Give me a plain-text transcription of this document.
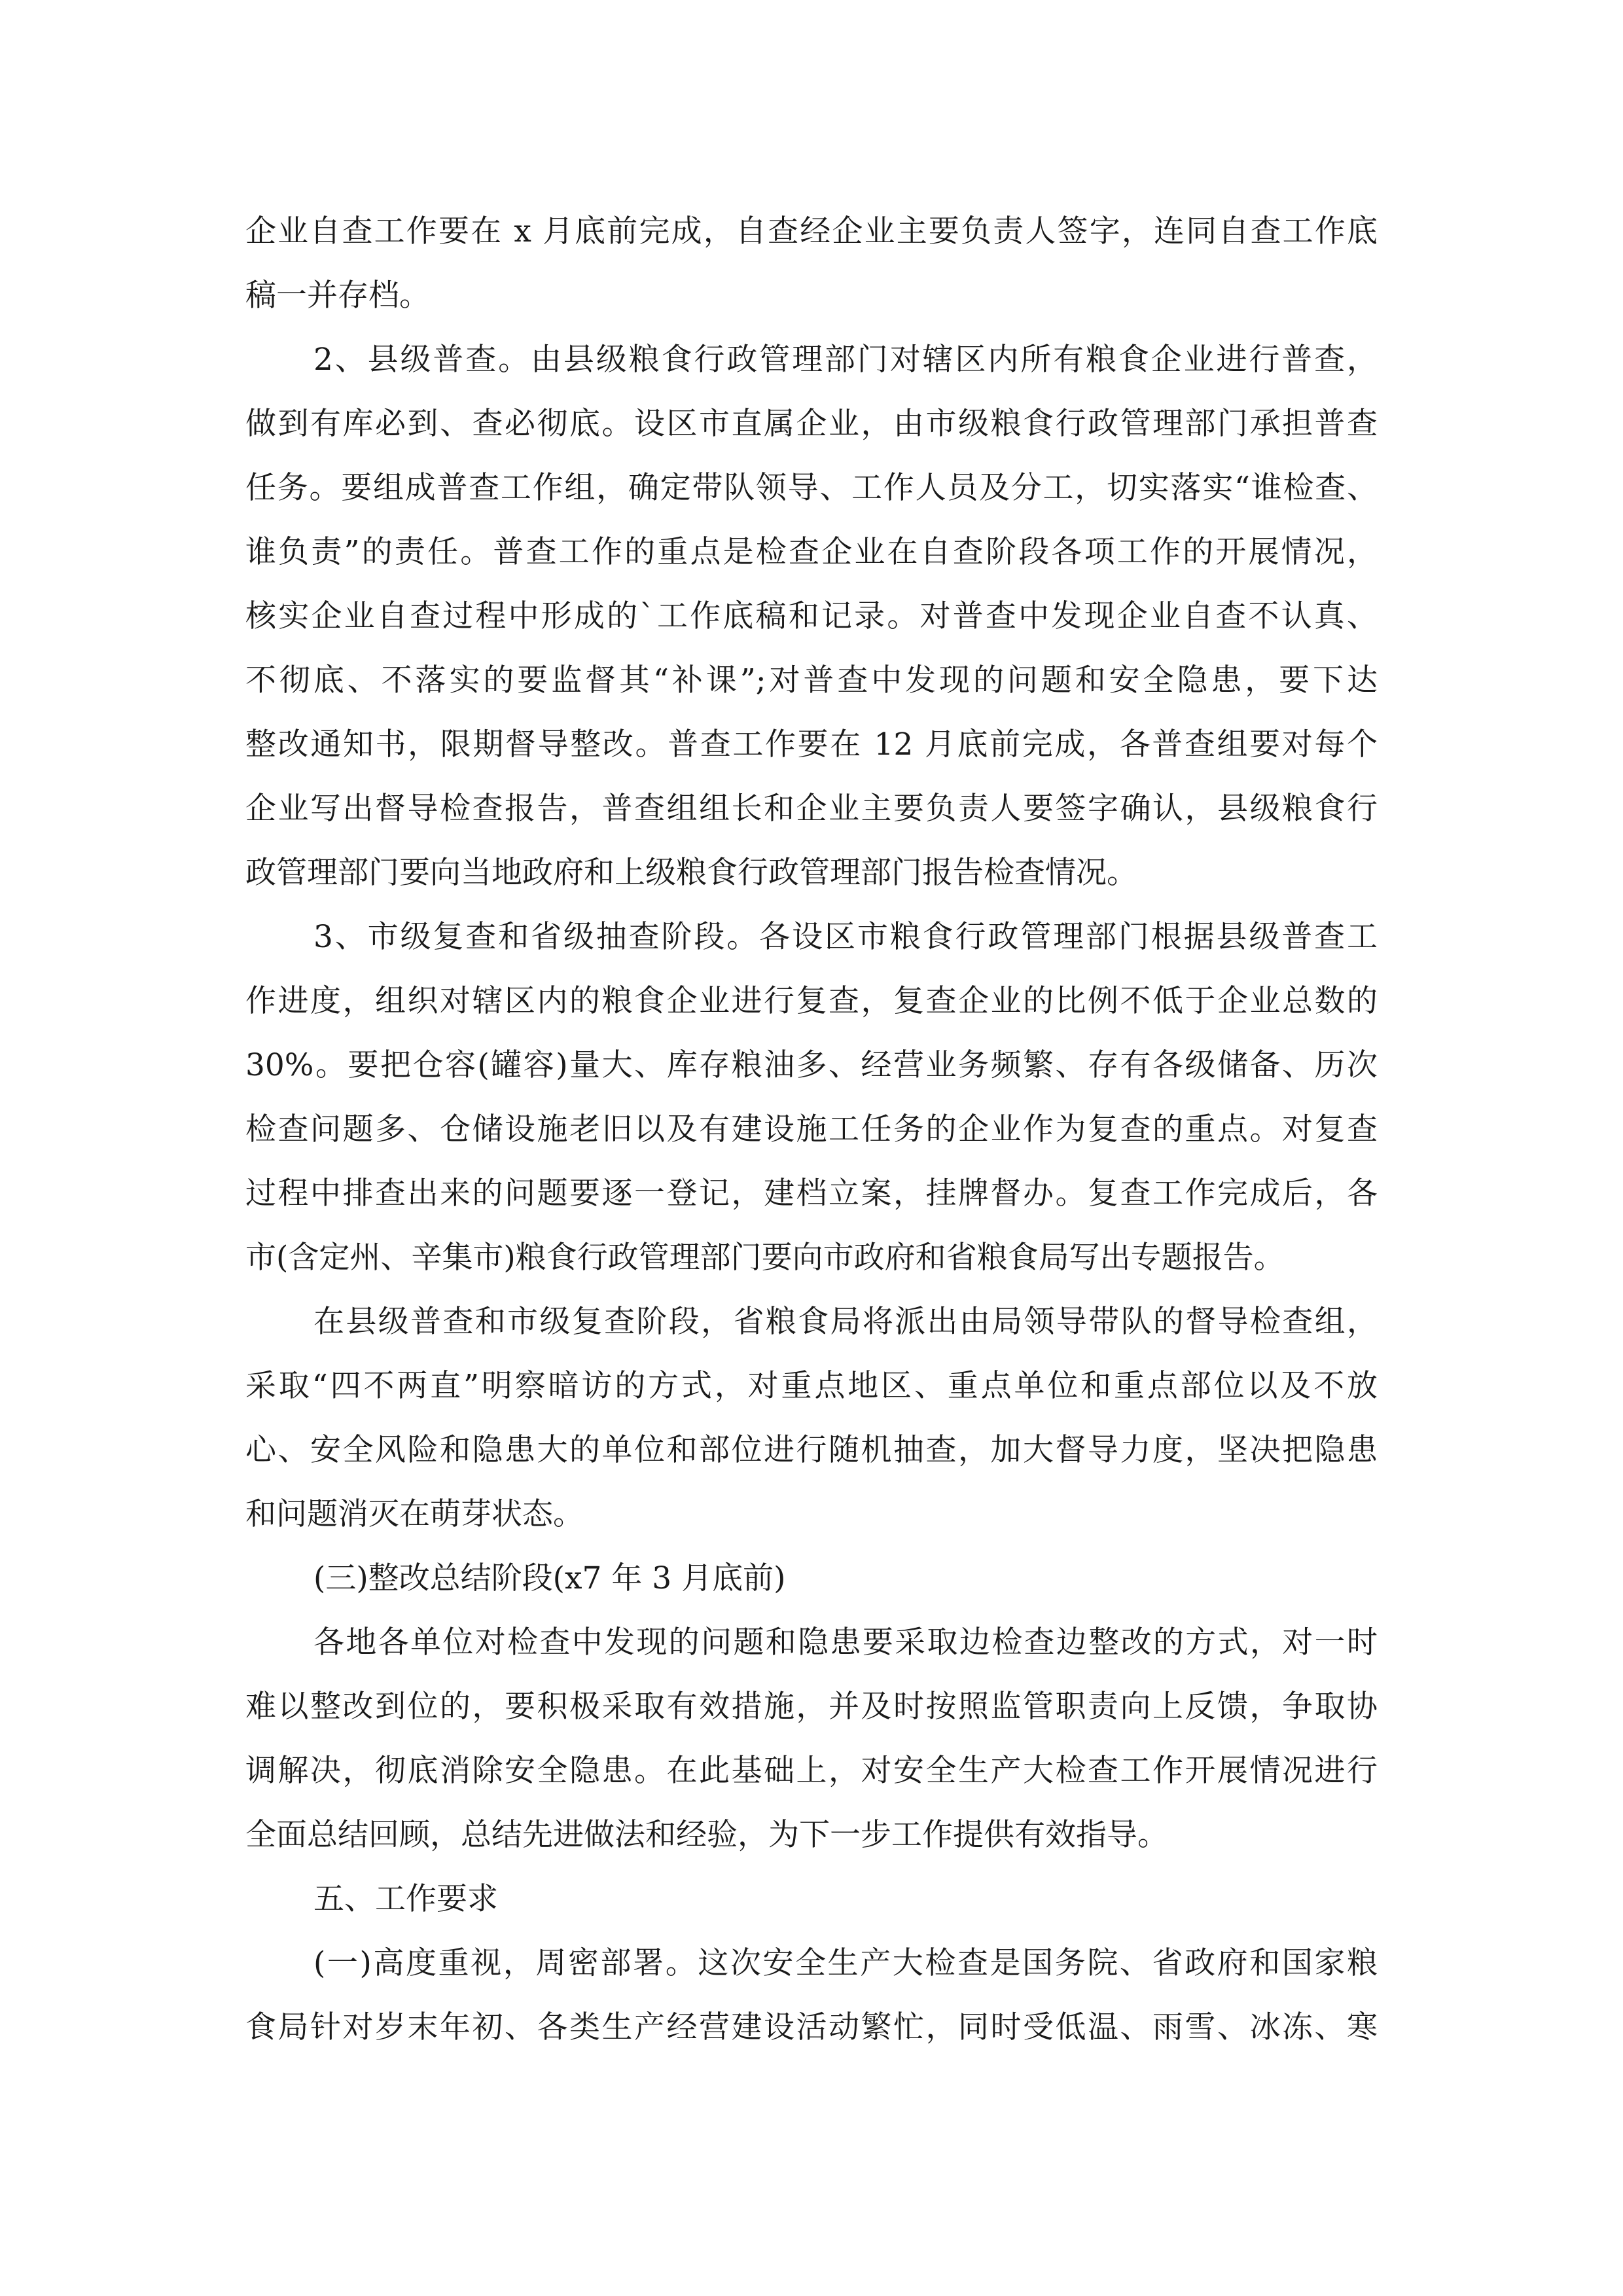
企业自查工作要在 x 月底前完成，自查经企业主要负责人签字，连同自查工作底
稿一并存档。
2、县级普查。由县级粮食行政管理部门对辖区内所有粮食企业进行普查，
做到有库必到、查必彻底。设区市直属企业，由市级粮食行政管理部门承担普查
任务。要组成普查工作组，确定带队领导、工作人员及分工，切实落实“谁检查、
谁负责”的责任。普查工作的重点是检查企业在自查阶段各项工作的开展情况，
核实企业自查过程中形成的`工作底稿和记录。对普查中发现企业自查不认真、
不彻底、不落实的要监督其“补课”;对普查中发现的问题和安全隐患，要下达
整改通知书，限期督导整改。普查工作要在 12 月底前完成，各普查组要对每个
企业写出督导检查报告，普查组组长和企业主要负责人要签字确认，县级粮食行
政管理部门要向当地政府和上级粮食行政管理部门报告检查情况。
3、市级复查和省级抽查阶段。各设区市粮食行政管理部门根据县级普查工
作进度，组织对辖区内的粮食企业进行复查，复查企业的比例不低于企业总数的
30%。要把仓容(罐容)量大、库存粮油多、经营业务频繁、存有各级储备、历次
检查问题多、仓储设施老旧以及有建设施工任务的企业作为复查的重点。对复查
过程中排查出来的问题要逐一登记，建档立案，挂牌督办。复查工作完成后，各
市(含定州、辛集市)粮食行政管理部门要向市政府和省粮食局写出专题报告。
在县级普查和市级复查阶段，省粮食局将派出由局领导带队的督导检查组，
采取“四不两直”明察暗访的方式，对重点地区、重点单位和重点部位以及不放
心、安全风险和隐患大的单位和部位进行随机抽查，加大督导力度，坚决把隐患
和问题消灭在萌芽状态。
(三)整改总结阶段(x7 年 3 月底前)
各地各单位对检查中发现的问题和隐患要采取边检查边整改的方式，对一时
难以整改到位的，要积极采取有效措施，并及时按照监管职责向上反馈，争取协
调解决，彻底消除安全隐患。在此基础上，对安全生产大检查工作开展情况进行
全面总结回顾，总结先进做法和经验，为下一步工作提供有效指导。
五、工作要求
(一)高度重视，周密部署。这次安全生产大检查是国务院、省政府和国家粮
食局针对岁末年初、各类生产经营建设活动繁忙，同时受低温、雨雪、冰冻、寒
